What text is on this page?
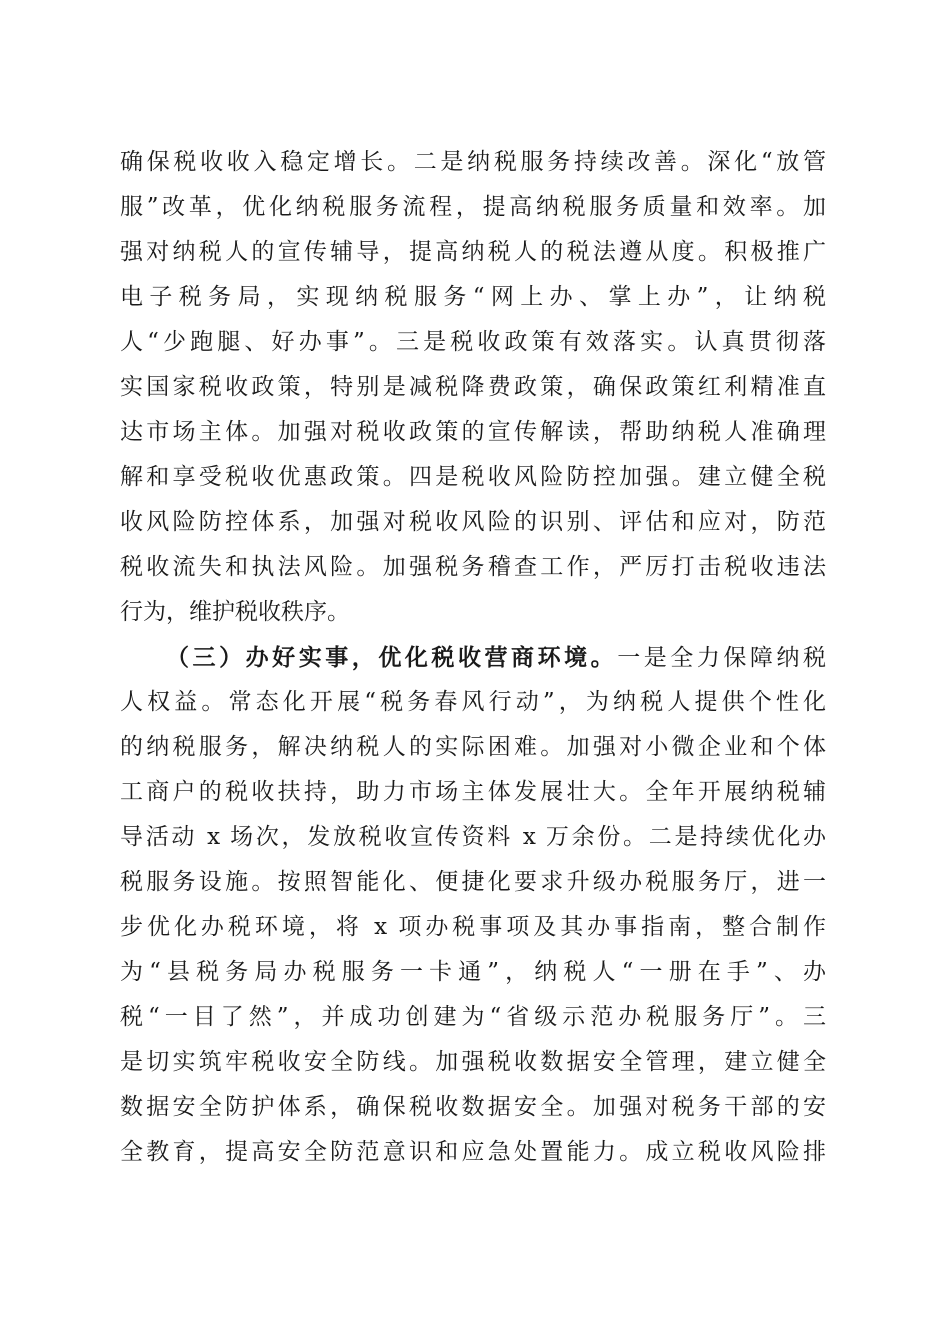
确保税收收入稳定增长。二是纳税服务持续改善。深化“放管
服”改革，优化纳税服务流程，提高纳税服务质量和效率。加
强对纳税人的宣传辅导，提高纳税人的税法遵从度。积极推广
电子税务局，实现纳税服务“网上办、掌上办”，让纳税
人“少跑腿、好办事”。三是税收政策有效落实。认真贯彻落
实国家税收政策，特别是减税降费政策，确保政策红利精准直
达市场主体。加强对税收政策的宣传解读，帮助纳税人准确理
解和享受税收优惠政策。四是税收风险防控加强。建立健全税
收风险防控体系，加强对税收风险的识别、评估和应对，防范
税收流失和执法风险。加强税务稽查工作，严厉打击税收违法
行为，维护税收秩序。
（三）办好实事，优化税收营商环境。一是全力保障纳税
人权益。常态化开展“税务春风行动”，为纳税人提供个性化
的纳税服务，解决纳税人的实际困难。加强对小微企业和个体
工商户的税收扶持，助力市场主体发展壮大。全年开展纳税辅
导活动 x 场次，发放税收宣传资料 x 万余份。二是持续优化办
税服务设施。按照智能化、便捷化要求升级办税服务厅，进一
步优化办税环境，将 x 项办税事项及其办事指南，整合制作
为“县税务局办税服务一卡通”，纳税人“一册在手”、办
税“一目了然”，并成功创建为“省级示范办税服务厅”。三
是切实筑牢税收安全防线。加强税收数据安全管理，建立健全
数据安全防护体系，确保税收数据安全。加强对税务干部的安
全教育，提高安全防范意识和应急处置能力。成立税收风险排
